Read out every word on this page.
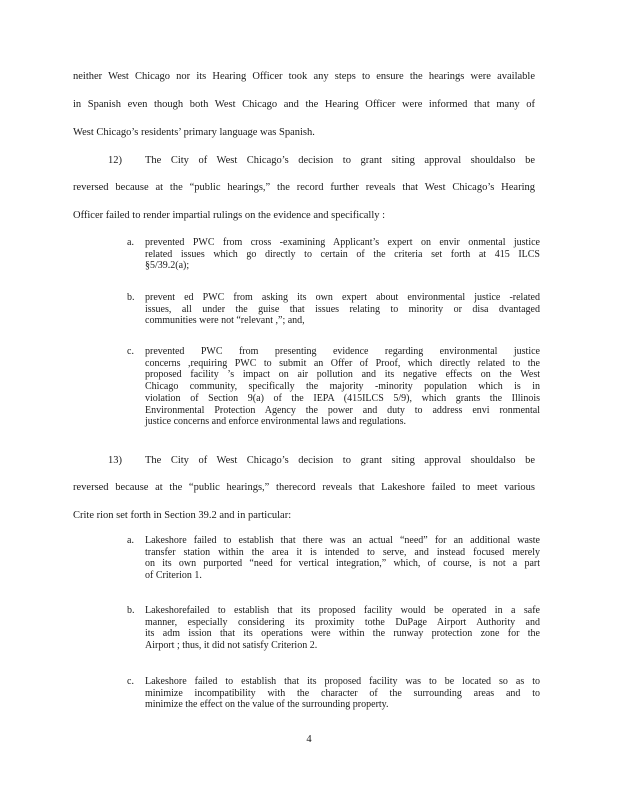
neither West Chicago nor its Hearing Officer took any steps to ensure the hearings were available
in Spanish even though both West Chicago and the Hearing Officer were informed that many of
West Chicago’s residents’ primary language was Spanish.
12) The City of West Chicago’s decision to grant siting approval shouldalso be
reversed because at the “public hearings,” the record further reveals that West Chicago’s Hearing
Officer failed to render impartial rulings on the evidence and specifically :
a. prevented PWC from cross -examining Applicant’s expert on envir onmental justice
related issues which go directly to certain of the criteria set forth at 415 ILCS
§5/39.2(a);
b. prevent ed PWC from asking its own expert about environmental justice -related
issues, all under the guise that issues relating to minority or disa dvantaged
communities were not “relevant ,”; and,
c. prevented PWC from presenting evidence regarding environmental justice
concerns ,requiring PWC to submit an Offer of Proof, which directly related to the
proposed facility ’s impact on air pollution and its negative effects on the West
Chicago community, specifically the majority -minority population which is in
violation of Section 9(a) of the IEPA (415ILCS 5/9), which grants the Illinois
Environmental Protection Agency the power and duty to address envi ronmental
justice concerns and enforce environmental laws and regulations.
13) The City of West Chicago’s decision to grant siting approval shouldalso be
reversed because at the “public hearings,” therecord reveals that Lakeshore failed to meet various
Crite rion set forth in Section 39.2 and in particular:
a. Lakeshore failed to establish that there was an actual “need” for an additional waste
transfer station within the area it is intended to serve, and instead focused merely
on its own purported “need for vertical integration,” which, of course, is not a part
of Criterion 1.
b. Lakeshorefailed to establish that its proposed facility would be operated in a safe
manner, especially considering its proximity tothe DuPage Airport Authority and
its adm ission that its operations were within the runway protection zone for the
Airport ; thus, it did not satisfy Criterion 2.
c. Lakeshore failed to establish that its proposed facility was to be located so as to
minimize incompatibility with the character of the surrounding areas and to
minimize the effect on the value of the surrounding property.
4
